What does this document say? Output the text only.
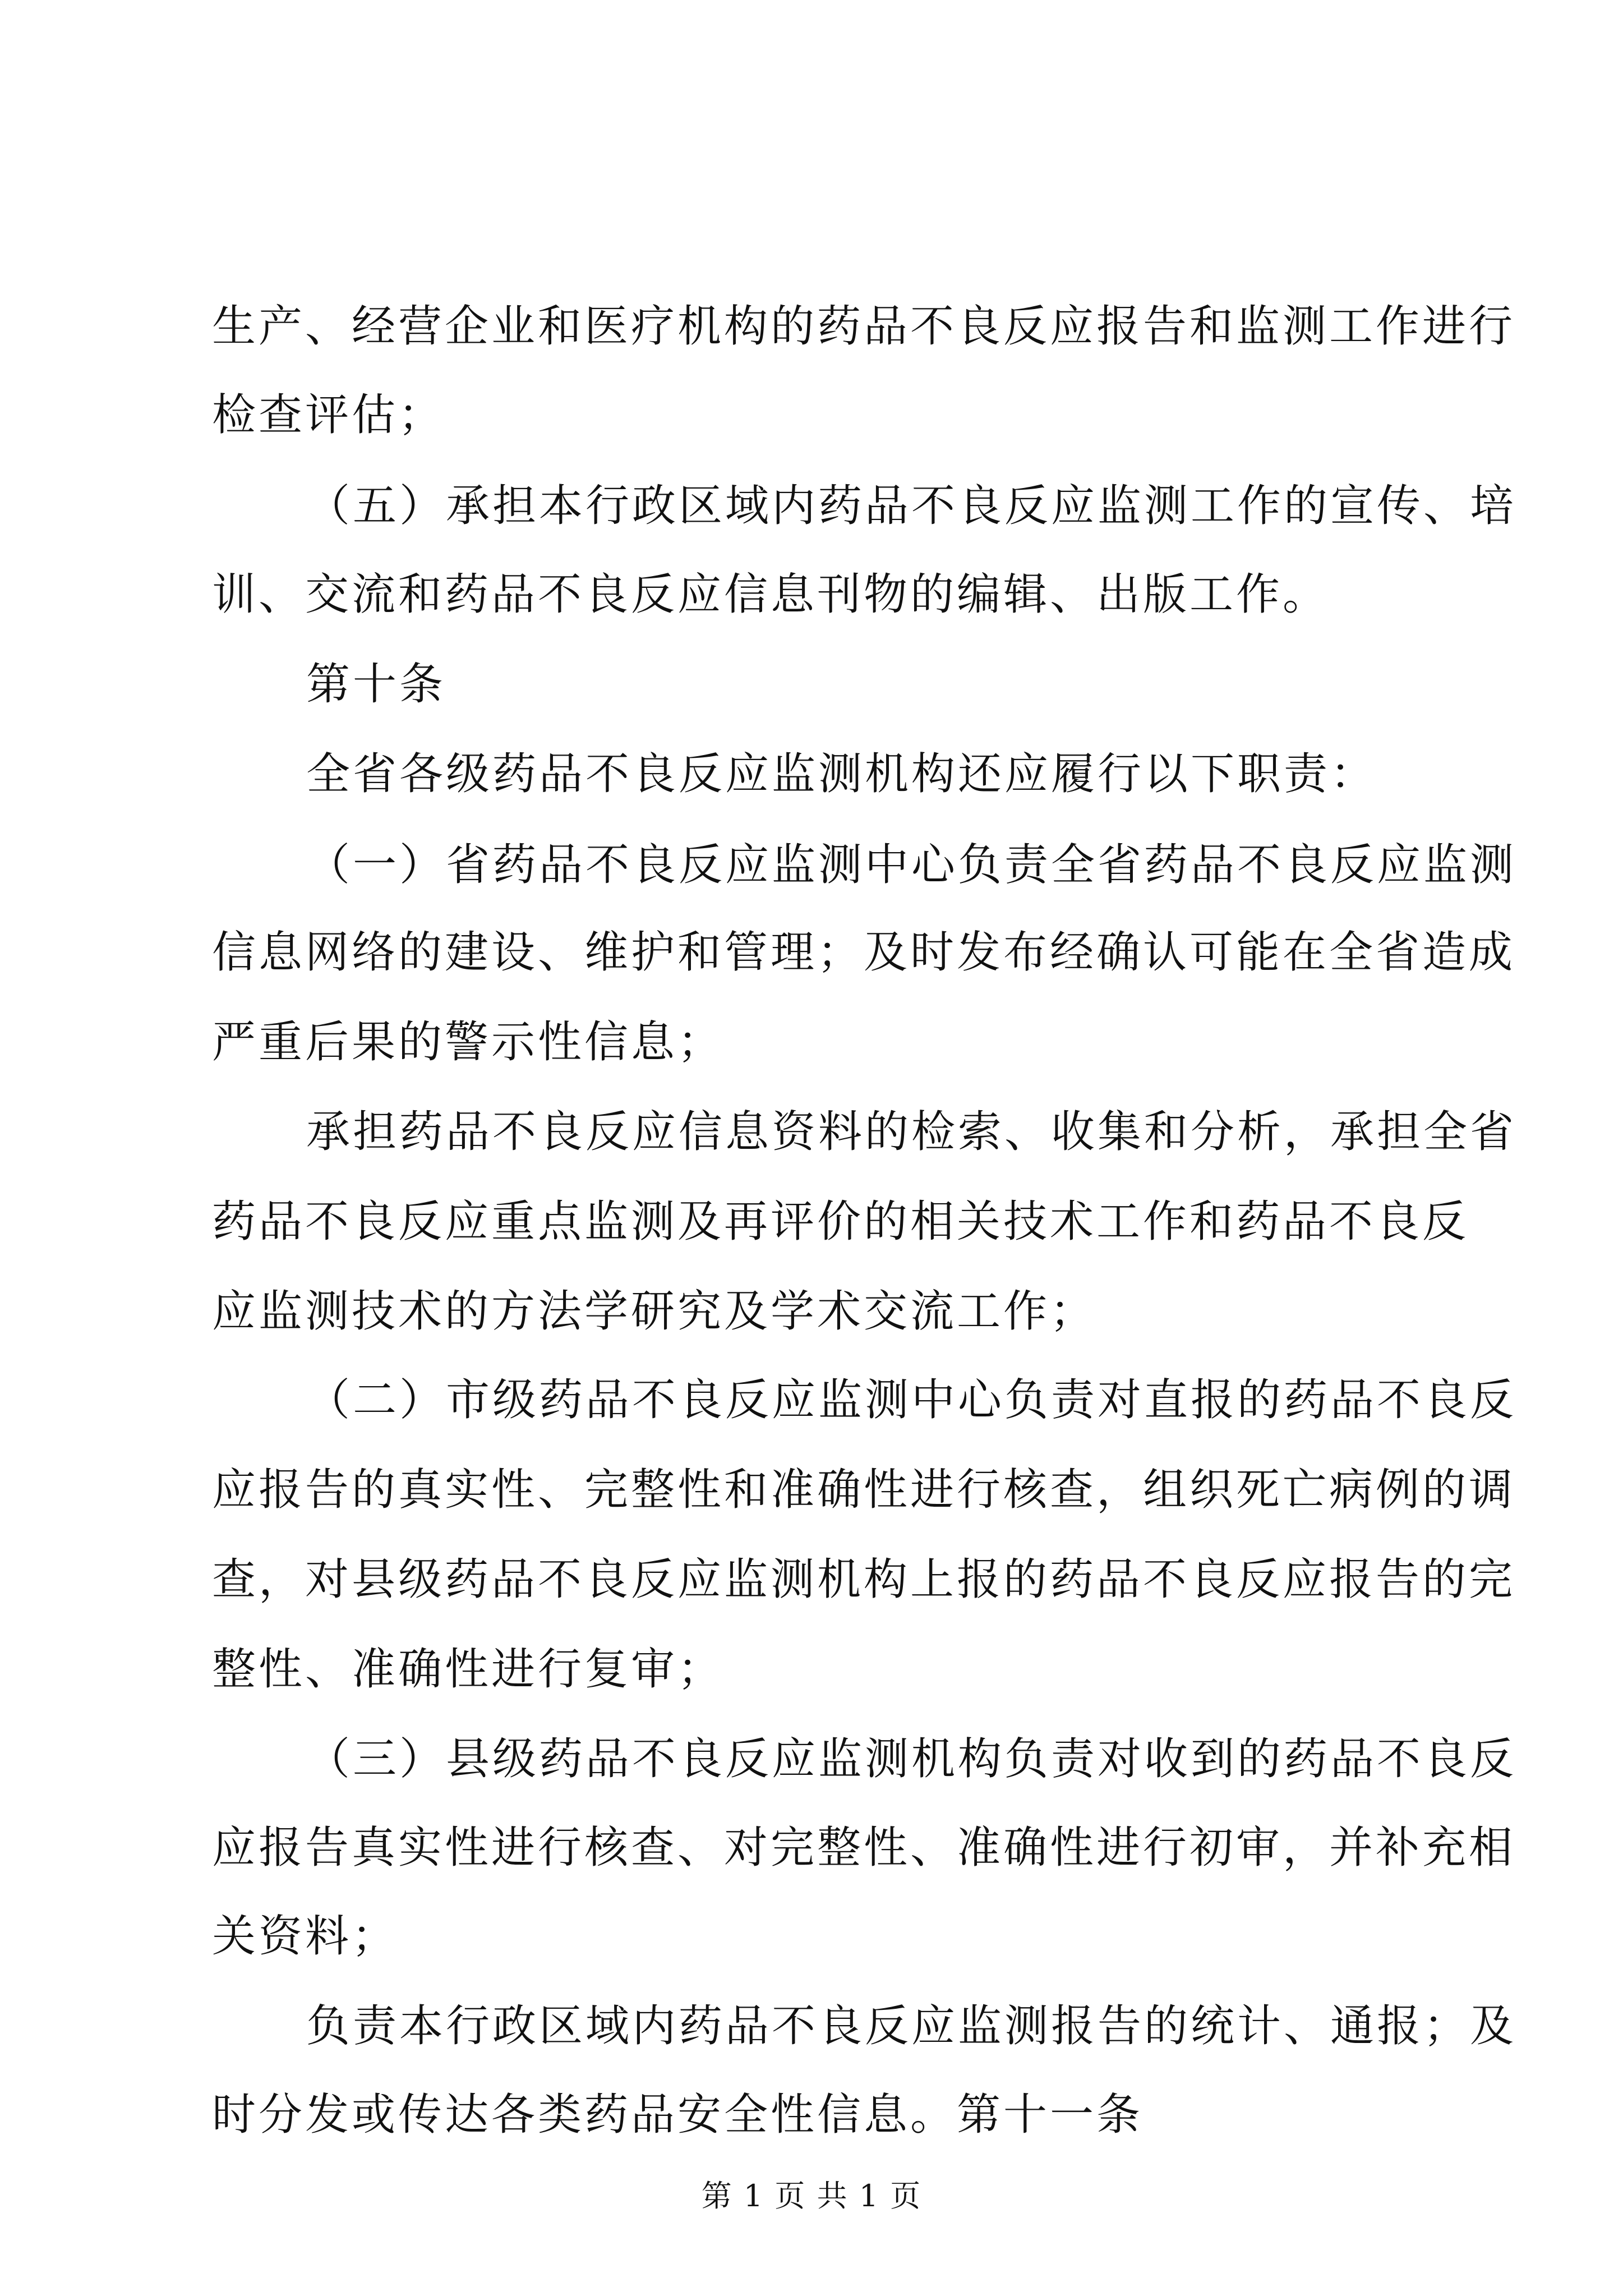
生产、经营企业和医疗机构的药品不良反应报告和监测工作进行
检查评估；
（五）承担本行政区域内药品不良反应监测工作的宣传、培
训、交流和药品不良反应信息刊物的编辑、出版工作。
第十条
全省各级药品不良反应监测机构还应履行以下职责：
（一）省药品不良反应监测中心负责全省药品不良反应监测
信息网络的建设、维护和管理；及时发布经确认可能在全省造成
严重后果的警示性信息；
承担药品不良反应信息资料的检索、收集和分析，承担全省
药品不良反应重点监测及再评价的相关技术工作和药品不良反
应监测技术的方法学研究及学术交流工作；
（二）市级药品不良反应监测中心负责对直报的药品不良反
应报告的真实性、完整性和准确性进行核查，组织死亡病例的调
查，对县级药品不良反应监测机构上报的药品不良反应报告的完
整性、准确性进行复审；
（三）县级药品不良反应监测机构负责对收到的药品不良反
应报告真实性进行核查、对完整性、准确性进行初审，并补充相
关资料；
负责本行政区域内药品不良反应监测报告的统计、通报；及
时分发或传达各类药品安全性信息。第十一条
第 1 页 共 1 页
